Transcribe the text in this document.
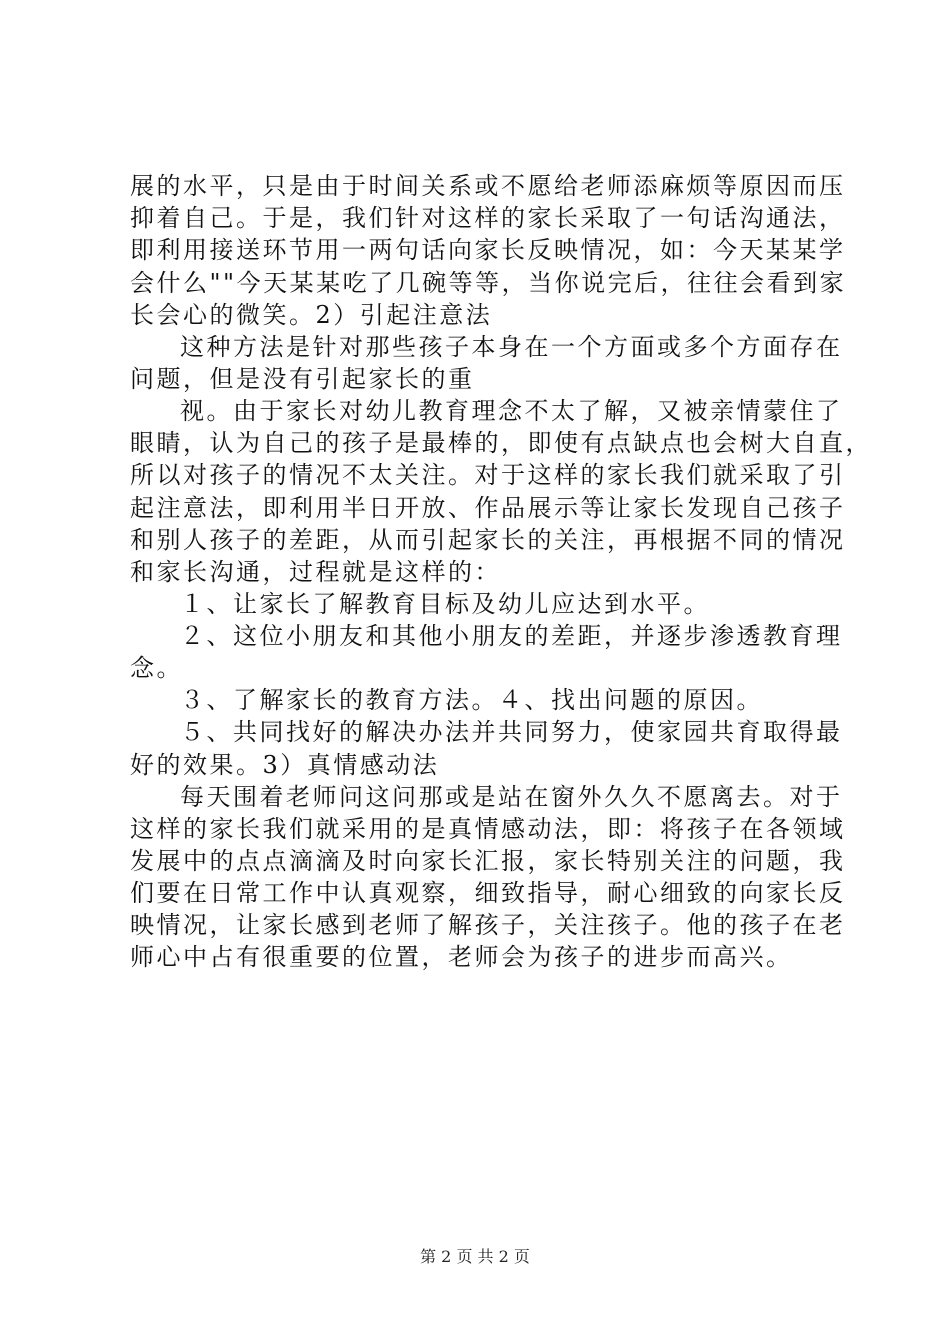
展的水平，只是由于时间关系或不愿给老师添麻烦等原因而压
抑着自己。于是，我们针对这样的家长采取了一句话沟通法，
即利用接送环节用一两句话向家长反映情况，如：今天某某学
会什么""今天某某吃了几碗等等，当你说完后，往往会看到家
长会心的微笑。2）引起注意法
这种方法是针对那些孩子本身在一个方面或多个方面存在
问题，但是没有引起家长的重
视。由于家长对幼儿教育理念不太了解，又被亲情蒙住了
眼睛，认为自己的孩子是最棒的，即使有点缺点也会树大自直，
所以对孩子的情况不太关注。对于这样的家长我们就采取了引
起注意法，即利用半日开放、作品展示等让家长发现自己孩子
和别人孩子的差距，从而引起家长的关注，再根据不同的情况
和家长沟通，过程就是这样的：
１、让家长了解教育目标及幼儿应达到水平。
２、这位小朋友和其他小朋友的差距，并逐步渗透教育理
念。
３、了解家长的教育方法。４、找出问题的原因。
５、共同找好的解决办法并共同努力，使家园共育取得最
好的效果。3）真情感动法
每天围着老师问这问那或是站在窗外久久不愿离去。对于
这样的家长我们就采用的是真情感动法，即：将孩子在各领域
发展中的点点滴滴及时向家长汇报，家长特别关注的问题，我
们要在日常工作中认真观察，细致指导，耐心细致的向家长反
映情况，让家长感到老师了解孩子，关注孩子。他的孩子在老
师心中占有很重要的位置，老师会为孩子的进步而高兴。
第 2 页 共 2 页
